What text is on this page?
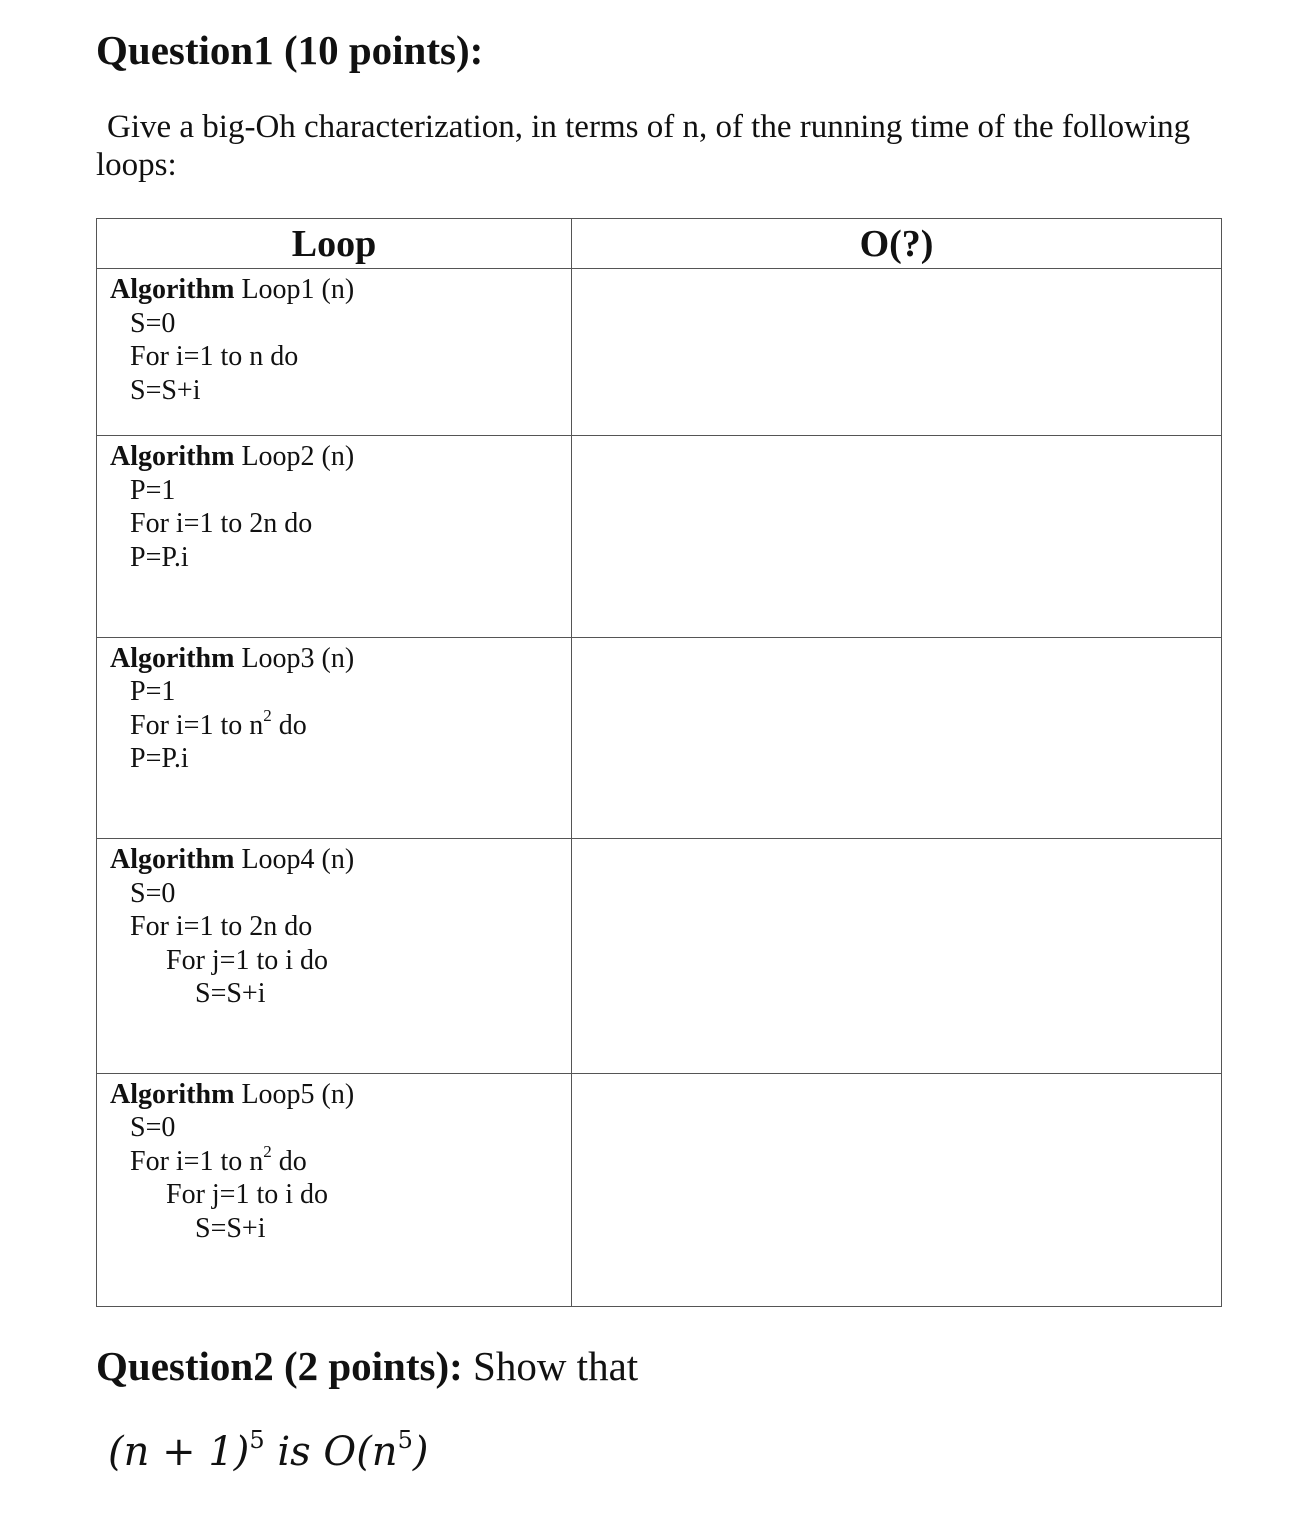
Question1 (10 points):
Give a big-Oh characterization, in terms of n, of the running time of the following loops:
Loop	O(?)

Algorithm Loop1 (n)
S=0
For i=1 to n do
S=S+i	

Algorithm Loop2 (n)
P=1
For i=1 to 2n do
P=P.i	

Algorithm Loop3 (n)
P=1
For i=1 to $n^2$ do
P=P.i	

Algorithm Loop4 (n)
S=0
For i=1 to 2n do
For j=1 to i do
S=S+i	

Algorithm Loop5 (n)
S=0
For i=1 to $n^2$ do
For j=1 to i do
S=S+i	

Question2 (2 points): Show that
$(n + 1)^5$ is $O(n^5)$
